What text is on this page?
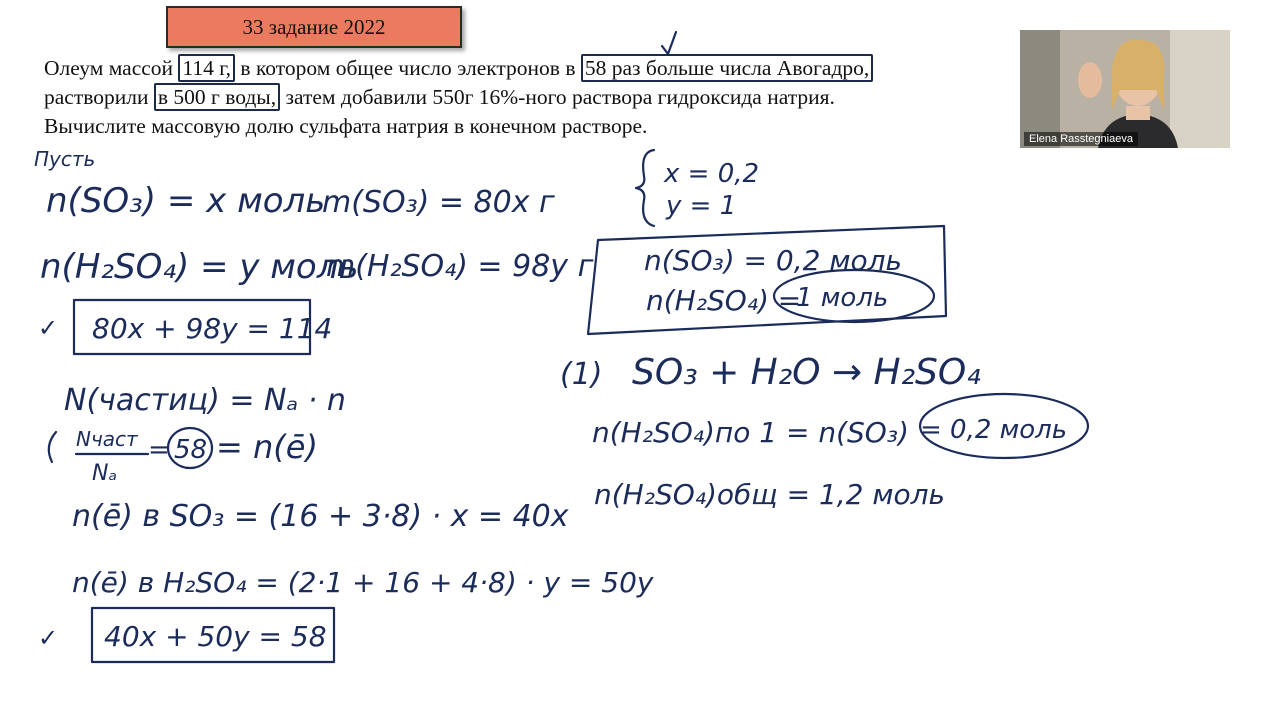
33 задание 2022
Олеум массой 114 г, в котором общее число электронов в 58 раз больше числа Авогадро,
растворили в 500 г воды, затем добавили 550г 16%-ного раствора гидроксида натрия.
Вычислите массовую долю сульфата натрия в конечном растворе.
Elena Rasstegniaeva
Пусть
n(SO₃) = x моль
m(SO₃) = 80x г
n(H₂SO₄) = y моль
m(H₂SO₄) = 98y г
✓ 80x + 98y = 114
N(частиц) = Nₐ · n
Nчаст
Nₐ
= 58 = n(ē)
n(ē) в SO₃ = (16 + 3·8) · x = 40x
n(ē) в H₂SO₄ = (2·1 + 16 + 4·8) · y = 50y
✓ 40x + 50y = 58
x = 0,2
y = 1
n(SO₃) = 0,2 моль
n(H₂SO₄) =
1 моль
(1) SO₃ + H₂O → H₂SO₄
n(H₂SO₄)по 1 = n(SO₃) = 0,2 моль
n(H₂SO₄)общ = 1,2 моль
